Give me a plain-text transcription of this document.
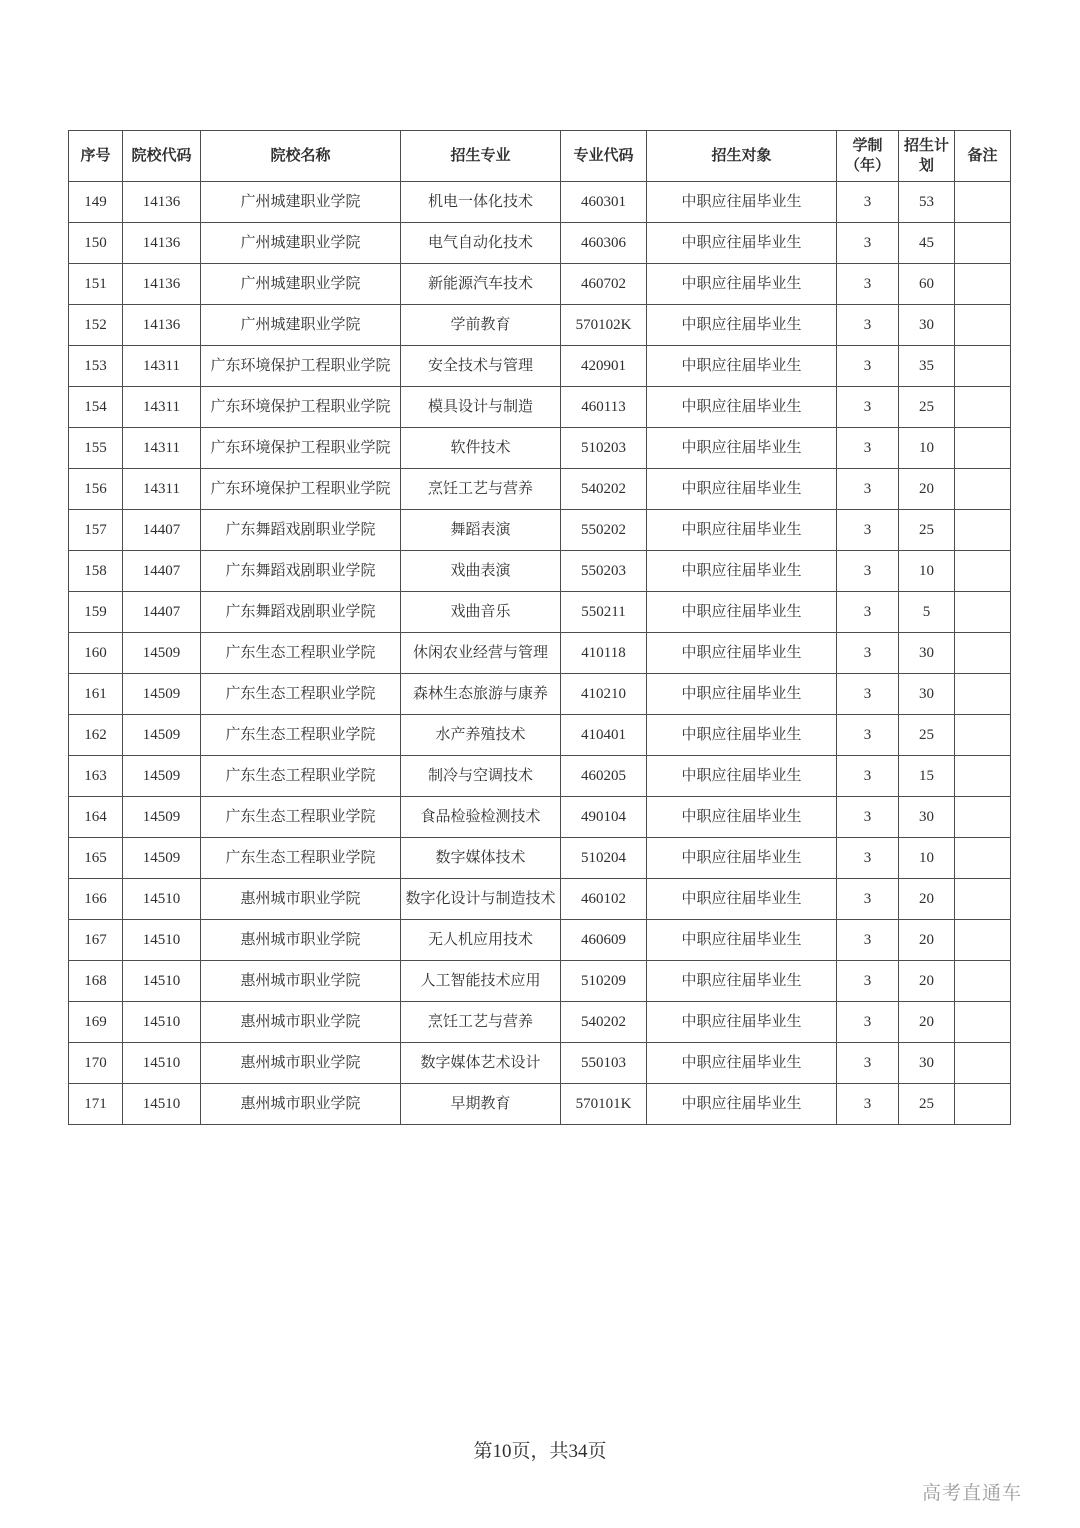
序号	院校代码	院校名称	招生专业	专业代码	招生对象	学制（年）	招生计划	备注
149	14136	广州城建职业学院	机电一体化技术	460301	中职应往届毕业生	3	53	
150	14136	广州城建职业学院	电气自动化技术	460306	中职应往届毕业生	3	45	
151	14136	广州城建职业学院	新能源汽车技术	460702	中职应往届毕业生	3	60	
152	14136	广州城建职业学院	学前教育	570102K	中职应往届毕业生	3	30	
153	14311	广东环境保护工程职业学院	安全技术与管理	420901	中职应往届毕业生	3	35	
154	14311	广东环境保护工程职业学院	模具设计与制造	460113	中职应往届毕业生	3	25	
155	14311	广东环境保护工程职业学院	软件技术	510203	中职应往届毕业生	3	10	
156	14311	广东环境保护工程职业学院	烹饪工艺与营养	540202	中职应往届毕业生	3	20	
157	14407	广东舞蹈戏剧职业学院	舞蹈表演	550202	中职应往届毕业生	3	25	
158	14407	广东舞蹈戏剧职业学院	戏曲表演	550203	中职应往届毕业生	3	10	
159	14407	广东舞蹈戏剧职业学院	戏曲音乐	550211	中职应往届毕业生	3	5	
160	14509	广东生态工程职业学院	休闲农业经营与管理	410118	中职应往届毕业生	3	30	
161	14509	广东生态工程职业学院	森林生态旅游与康养	410210	中职应往届毕业生	3	30	
162	14509	广东生态工程职业学院	水产养殖技术	410401	中职应往届毕业生	3	25	
163	14509	广东生态工程职业学院	制冷与空调技术	460205	中职应往届毕业生	3	15	
164	14509	广东生态工程职业学院	食品检验检测技术	490104	中职应往届毕业生	3	30	
165	14509	广东生态工程职业学院	数字媒体技术	510204	中职应往届毕业生	3	10	
166	14510	惠州城市职业学院	数字化设计与制造技术	460102	中职应往届毕业生	3	20	
167	14510	惠州城市职业学院	无人机应用技术	460609	中职应往届毕业生	3	20	
168	14510	惠州城市职业学院	人工智能技术应用	510209	中职应往届毕业生	3	20	
169	14510	惠州城市职业学院	烹饪工艺与营养	540202	中职应往届毕业生	3	20	
170	14510	惠州城市职业学院	数字媒体艺术设计	550103	中职应往届毕业生	3	30	
171	14510	惠州城市职业学院	早期教育	570101K	中职应往届毕业生	3	25	
第10页，共34页
高考直通车
